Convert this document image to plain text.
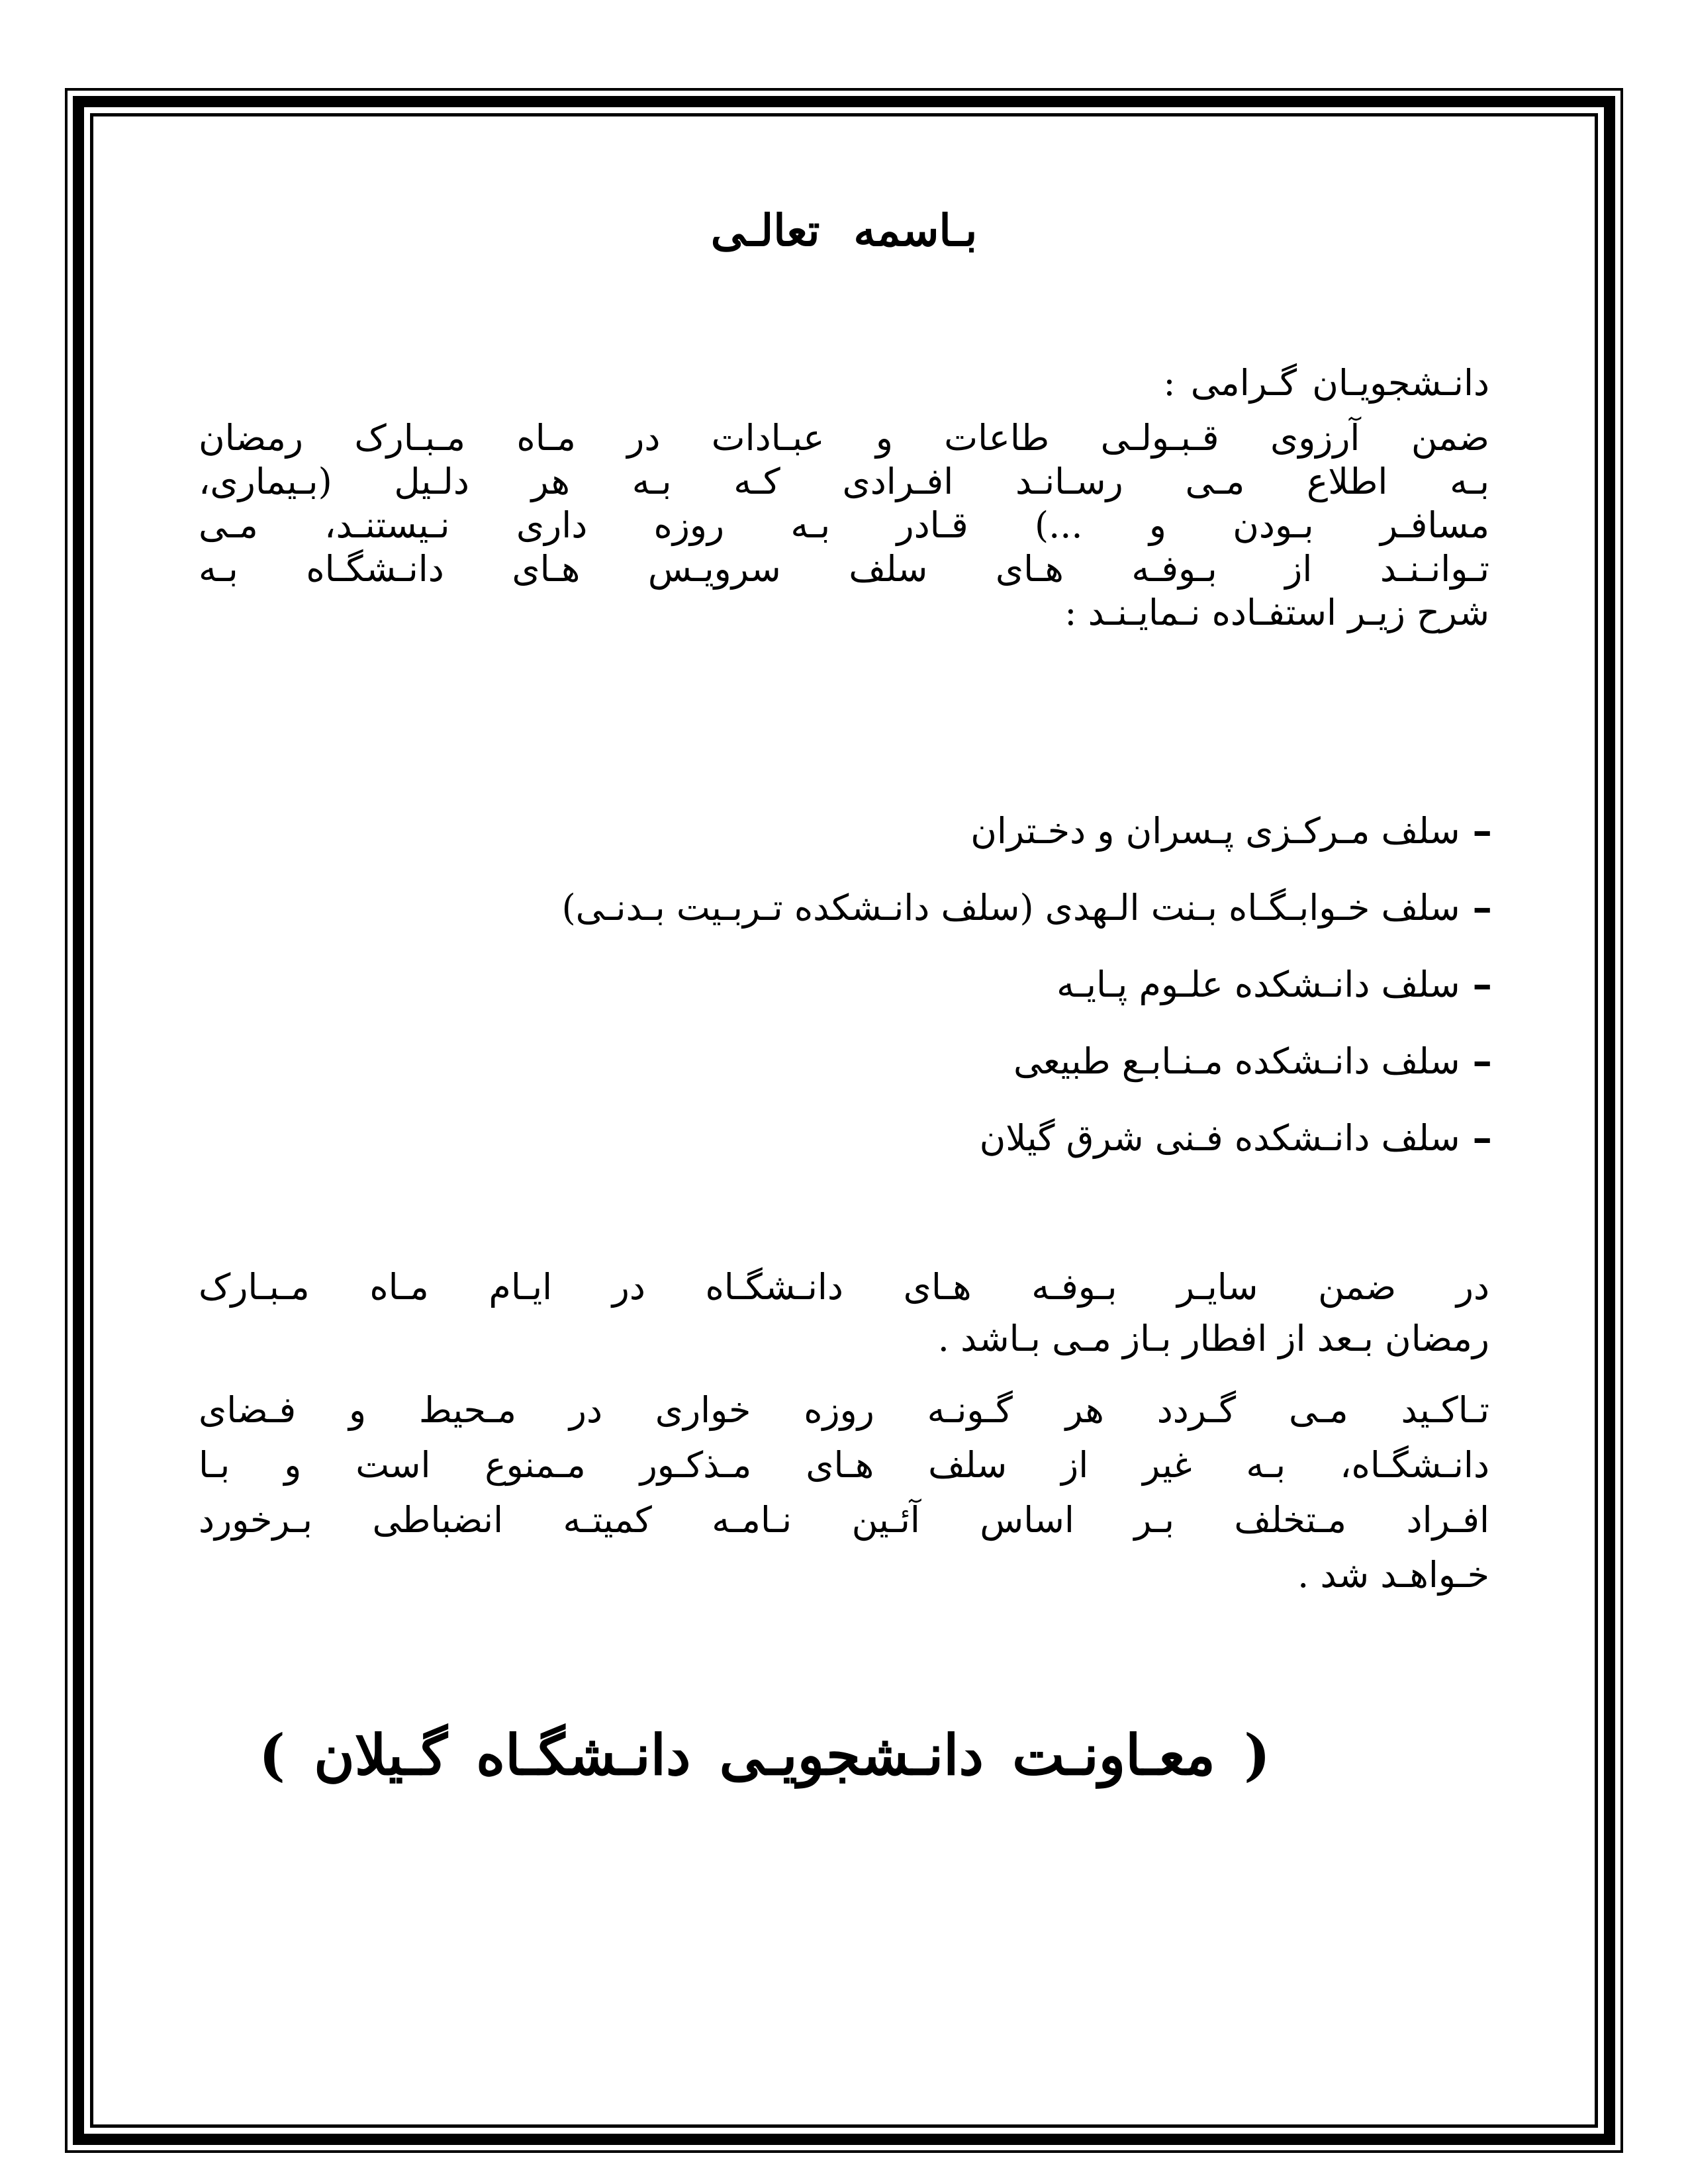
بـاسمه تعالـی
دانـشجویـان گـرامی :
ضمن آرزوی قـبـولـی طاعات و عبـادات در مـاه مـبـارک رمضان
بـه اطلاع مـی رسـانـد افـرادی کـه بـه هر دلـیل (بـیماری،
مسافـر بـودن و ...) قـادر بـه روزه داری نـیستنـد، مـی
تـوانـنـد از بـوفـه هـای سلف سرویـس هـای دانـشگـاه بـه
شرح زیـر استفـاده نـمایـنـد :
-سلف مـرکـزی پـسران و دخـتران
-سلف خـوابـگـاه بـنت الـهدی (سلف دانـشکده تـربـیت بـدنـی)
-سلف دانـشکده علـوم پـایـه
-سلف دانـشکده مـنـابـع طبیعی
-سلف دانـشکده فـنی شرق گیلان
در ضمن سایـر بـوفـه هـای دانـشگـاه در ایـام مـاه مـبـارک
رمضان بـعد از افطار بـاز مـی بـاشد .
تـاکـید مـی گـردد هر گـونـه روزه خواری در مـحیط و فـضای
دانـشگـاه، بـه غیر از سلف هـای مـذکـور مـمنوع است و بـا
افـراد مـتخلف بـر اساس آئـین نـامـه کمیتـه انضباطی بـرخورد
خـواهـد شد .
( معـاونـت دانـشجویـی دانـشگـاه گـیلان )
